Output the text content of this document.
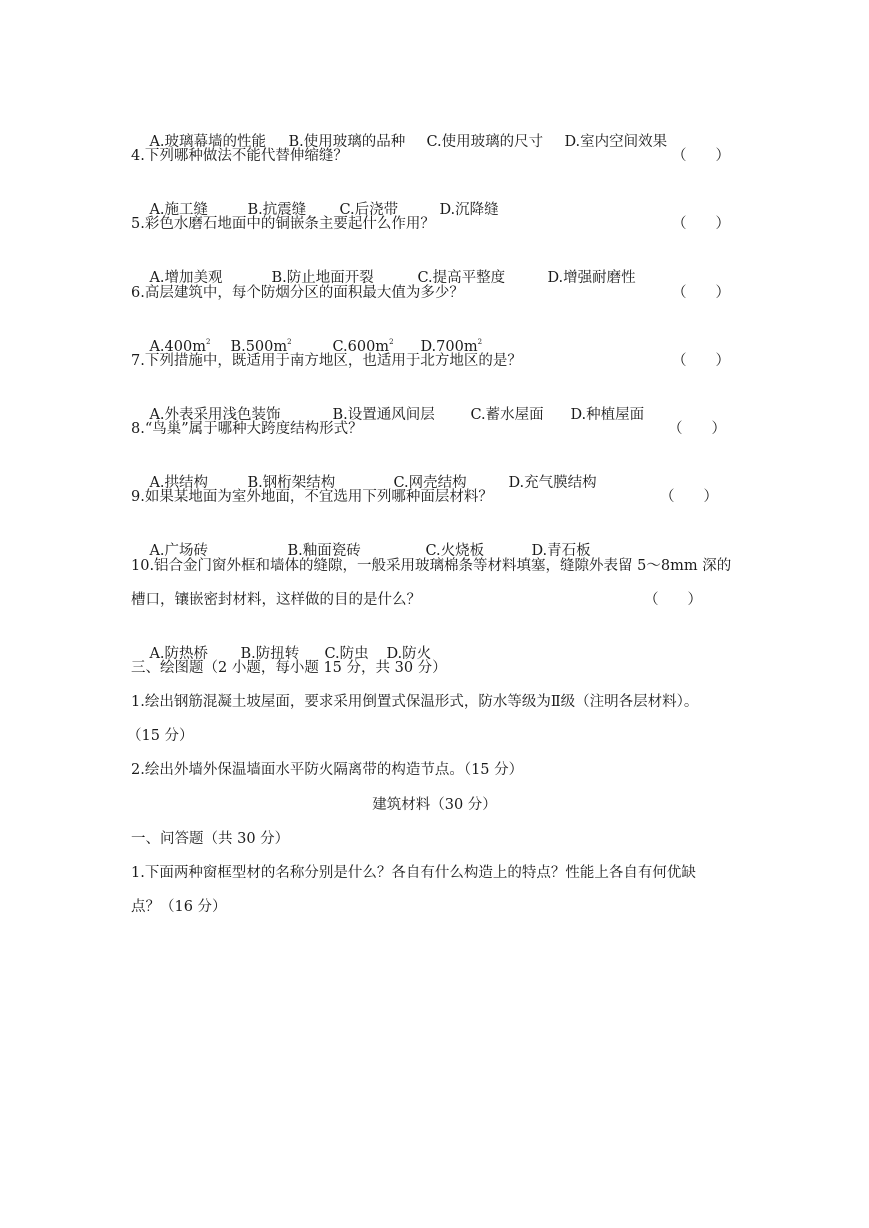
A.玻璃幕墙的性能 B.使用玻璃的品种 C.使用玻璃的尺寸 D.室内空间效果

4.下列哪种做法不能代替伸缩缝？	（　　）

A.施工缝	B.抗震缝 C.后浇带	D.沉降缝

5.彩色水磨石地面中的铜嵌条主要起什么作用？	（　　）

A.增加美观	B.防止地面开裂	C.提高平整度	D.增强耐磨性

6.高层建筑中，每个防烟分区的面积最大值为多少？	（　　）

$A.400m^2$ $B.500m^2$	$C.600m^2$ $D.700m^2$

7.下列措施中，既适用于南方地区，也适用于北方地区的是？	（　　）

A.外表采用浅色装饰	B.设置通风间层 C.蓄水屋面 D.种植屋面

8.“鸟巢”属于哪种大跨度结构形式？	（　　）

A.拱结构	B.钢桁架结构	C.网壳结构	D.充气膜结构

9.如果某地面为室外地面，不宜选用下列哪种面层材料？	（　　）

A.广场砖	B.釉面瓷砖	C.火烧板	D.青石板

10.铝合金门窗外框和墙体的缝隙，一般采用玻璃棉条等材料填塞，缝隙外表留 5～8mm 深的
槽口，镶嵌密封材料，这样做的目的是什么？	（　　）

A.防热桥 B.防扭转 C.防虫 D.防火

三、绘图题（2 小题，每小题 15 分，共 30 分）
1.绘出钢筋混凝土坡屋面，要求采用倒置式保温形式，防水等级为Ⅱ级（注明各层材料）。
（15 分）
2.绘出外墙外保温墙面水平防火隔离带的构造节点。（15 分）
建筑材料（30 分）
一、问答题（共 30 分）
1.下面两种窗框型材的名称分别是什么？各自有什么构造上的特点？性能上各自有何优缺
点？（16 分）
